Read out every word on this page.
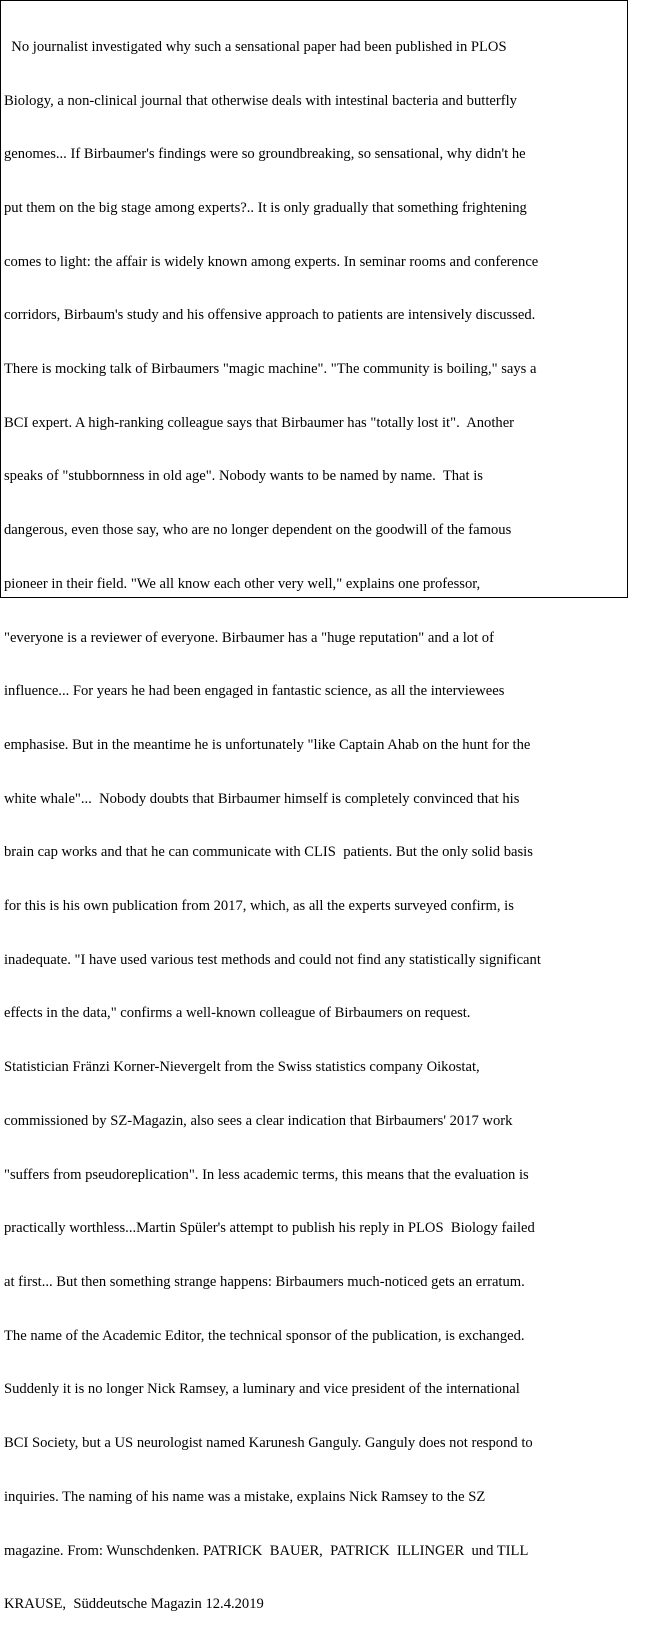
No journalist investigated why such a sensational paper had been published in PLOS

Biology, a non-clinical journal that otherwise deals with intestinal bacteria and butterfly

genomes... If Birbaumer's findings were so groundbreaking, so sensational, why didn't he

put them on the big stage among experts?.. It is only gradually that something frightening

comes to light: the affair is widely known among experts. In seminar rooms and conference

corridors, Birbaum's study and his offensive approach to patients are intensively discussed.

There is mocking talk of Birbaumers "magic machine". "The community is boiling," says a

BCI expert. A high-ranking colleague says that Birbaumer has "totally lost it".  Another

speaks of "stubbornness in old age". Nobody wants to be named by name.  That is

dangerous, even those say, who are no longer dependent on the goodwill of the famous

pioneer in their field. "We all know each other very well," explains one professor,

"everyone is a reviewer of everyone. Birbaumer has a "huge reputation" and a lot of

influence... For years he had been engaged in fantastic science, as all the interviewees

emphasise. But in the meantime he is unfortunately "like Captain Ahab on the hunt for the

white whale"...  Nobody doubts that Birbaumer himself is completely convinced that his

brain cap works and that he can communicate with CLIS  patients. But the only solid basis

for this is his own publication from 2017, which, as all the experts surveyed confirm, is

inadequate. "I have used various test methods and could not find any statistically significant

effects in the data," confirms a well-known colleague of Birbaumers on request.

Statistician Fränzi Korner-Nievergelt from the Swiss statistics company Oikostat,

commissioned by SZ-Magazin, also sees a clear indication that Birbaumers' 2017 work

"suffers from pseudoreplication". In less academic terms, this means that the evaluation is

practically worthless...Martin Spüler's attempt to publish his reply in PLOS  Biology failed

at first... But then something strange happens: Birbaumers much-noticed gets an erratum.

The name of the Academic Editor, the technical sponsor of the publication, is exchanged.

Suddenly it is no longer Nick Ramsey, a luminary and vice president of the international

BCI Society, but a US neurologist named Karunesh Ganguly. Ganguly does not respond to

inquiries. The naming of his name was a mistake, explains Nick Ramsey to the SZ

magazine. From: Wunschdenken. PATRICK  BAUER,  PATRICK  ILLINGER  und TILL

KRAUSE,  Süddeutsche Magazin 12.4.2019
